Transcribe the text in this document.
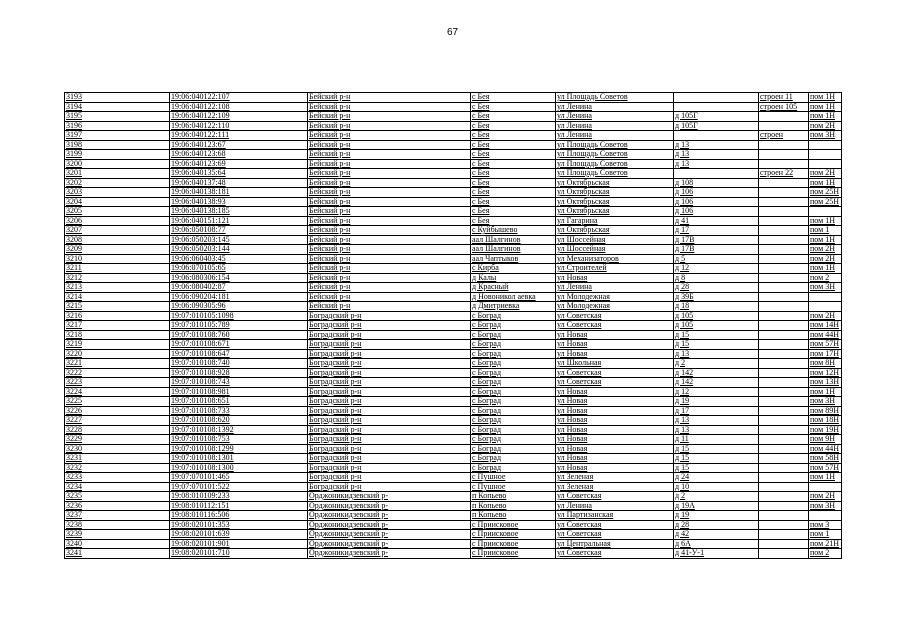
67
3193	19:06:040122:107	Бейский р-н	с Бея	ул Площадь Советов		строен 11	пом 1Н
3194	19:06:040122:108	Бейский р-н	с Бея	ул Ленина		строен 105	пом 1Н
3195	19:06:040122:109	Бейский р-н	с Бея	ул Ленина	д 105Г		пом 1Н
3196	19:06:040122:110	Бейский р-н	с Бея	ул Ленина	д 105Г		пом 2Н
3197	19:06:040122:111	Бейский р-н	с Бея	ул Ленина		строен	пом 3Н
3198	19:06:040123:67	Бейский р-н	с Бея	ул Площадь Советов	д 13		
3199	19:06:040123:68	Бейский р-н	с Бея	ул Площадь Советов	д 13		
3200	19:06:040123:69	Бейский р-н	с Бея	ул Площадь Советов	д 13		
3201	19:06:040135:64	Бейский р-н	с Бея	ул Площадь Советов		строен 22	пом 2Н
3202	19:06:040137:48	Бейский р-н	с Бея	ул Октябрьская	д 108		пом 1Н
3203	19:06:040138:181	Бейский р-н	с Бея	ул Октябрьская	д 106		пом 25Н
3204	19:06:040138:93	Бейский р-н	с Бея	ул Октябрьская	д 106		пом 25Н
3205	19:06:040138:185	Бейский р-н	с Бея	ул Октябрьская	д 106		
3206	19:06:040151:121	Бейский р-н	с Бея	ул Гагарина	д 41		пом 1Н
3207	19:06:050108:77	Бейский р-н	с Куйбышево	ул Октябрьская	д 17		пом 1
3208	19:06:050203:145	Бейский р-н	аал Шалгинов	ул Шоссейная	д 17В		пом 1Н
3209	19:06:050203:144	Бейский р-н	аал Шалгинов	ул Шоссейная	д 17В		пом 2Н
3210	19:06:060403:45	Бейский р-н	аал Чаптыков	ул Механизаторов	д 5		пом 2Н
3211	19:06:070105:65	Бейский р-н	с Кирба	ул Строителей	д 12		пом 1Н
3212	19:06:080306:154	Бейский р-н	д Калы	ул Новая	д 8		пом 2
3213	19:06:080402:87	Бейский р-н	д Красный	ул Ленина	д 28		пом 3Н
3214	19:06:090204:181	Бейский р-н	д Новоникол аевка	ул Молодежная	д 39Б		
3215	19:06:090305:96	Бейский р-н	д Дмитриевка	ул Молодежная	д 18		
3216	19:07:010105:1098	Боградский р-н	с Боград	ул Советская	д 105		пом 2Н
3217	19:07:010105:789	Боградский р-н	с Боград	ул Советская	д 105		пом 14Н
3218	19:07:010108:760	Боградский р-н	с Боград	ул Новая	д 15		пом 44Н
3219	19:07:010108:671	Боградский р-н	с Боград	ул Новая	д 15		пом 57Н
3220	19:07:010108:647	Боградский р-н	с Боград	ул Новая	д 13		пом 17Н
3221	19:07:010108:740	Боградский р-н	с Боград	ул Школьная	д 2		пом 8Н
3222	19:07:010108:928	Боградский р-н	с Боград	ул Советская	д 142		пом 12Н
3223	19:07:010108:743	Боградский р-н	с Боград	ул Советская	д 142		пом 13Н
3224	19:07:010108:981	Боградский р-н	с Боград	ул Новая	д 12		пом 1Н
3225	19:07:010108:651	Боградский р-н	с Боград	ул Новая	д 19		пом 3Н
3226	19:07:010108:733	Боградский р-н	с Боград	ул Новая	д 17		пом 89Н
3227	19:07:010108:620	Боградский р-н	с Боград	ул Новая	д 13		пом 18Н
3228	19:07:010108:1392	Боградский р-н	с Боград	ул Новая	д 13		пом 19Н
3229	19:07:010108:753	Боградский р-н	с Боград	ул Новая	д 11		пом 9Н
3230	19:07:010108:1299	Боградский р-н	с Боград	ул Новая	д 15		пом 44Н
3231	19:07:010108:1301	Боградский р-н	с Боград	ул Новая	д 15		пом 58Н
3232	19:07:010108:1300	Боградский р-н	с Боград	ул Новая	д 15		пом 57Н
3233	19:07:070101:465	Боградский р-н	с Пушное	ул Зеленая	д 24		пом 1Н
3234	19:07:070101:522	Боградский р-н	с Пушное	ул Зеленая	д 10		
3235	19:08:010109:233	Орджоникидзевский р-	п Копьево	ул Советская	д 2		пом 2Н
3236	19:08:010112:151	Орджоникидзевский р-	п Копьево	ул Ленина	д 19А		пом 3Н
3237	19:08:010116:506	Орджоникидзевский р-	п Копьево	ул Партизанская	д 19		
3238	19:08:020101:353	Орджоникидзевский р-	с Приисковое	ул Советская	д 28		пом 3
3239	19:08:020101:639	Орджоникидзевский р-	с Приисковое	ул Советская	д 42		пом 1
3240	19:08:020101:901	Орджоникидзевский р-	с Приисковое	ул Центральная	д 6А		пом 21Н
3241	19:08:020101:710	Орджоникидзевский р-	с Приисковое	ул Советская	д 41-У-1		пом 2
